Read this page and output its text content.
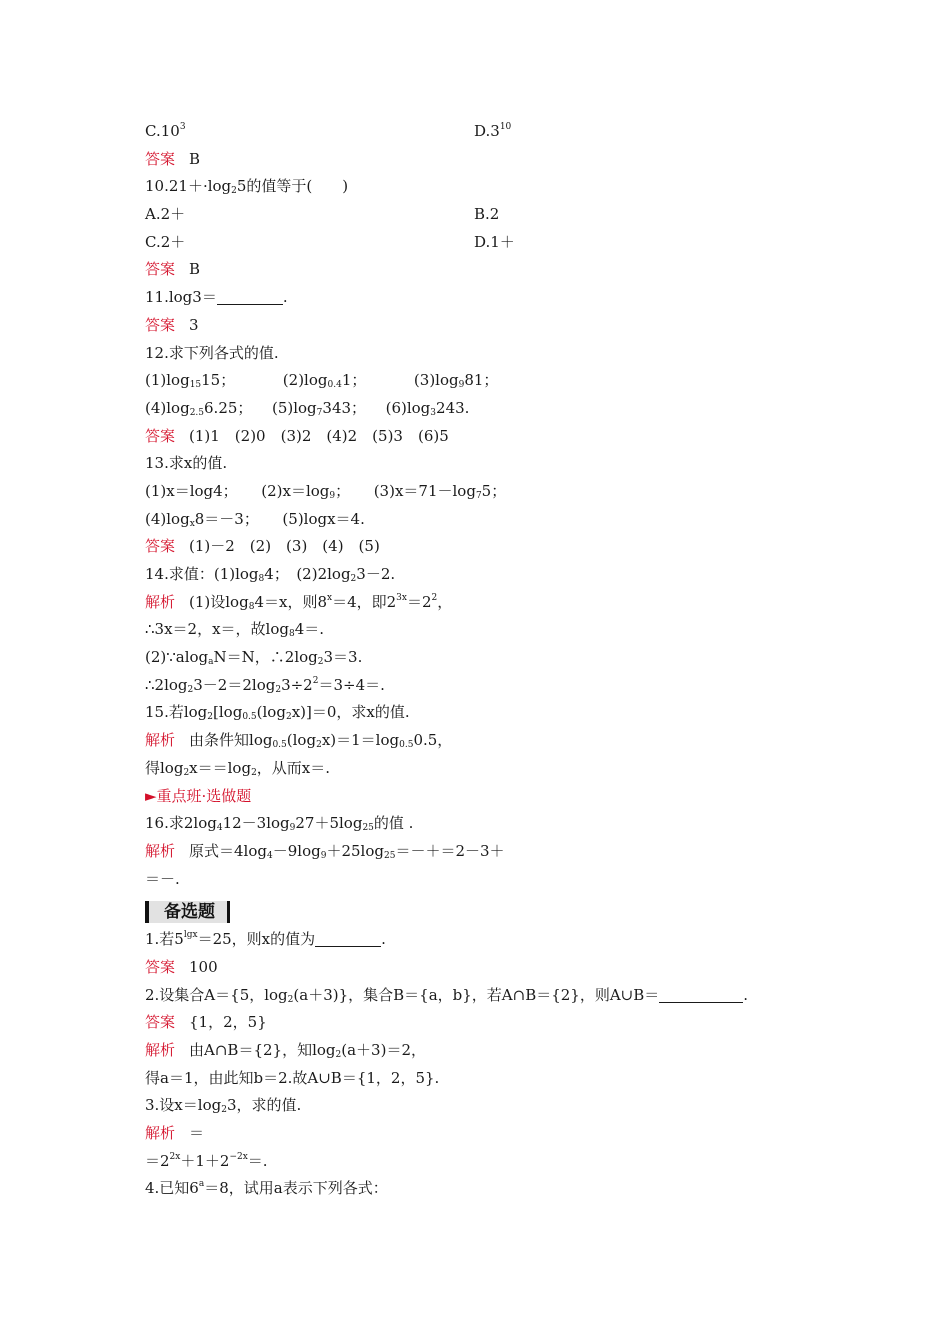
$C.10^3$	$D.3^{10}$
答案 B
$10.21+\cdot\log_25$的值等于(　　)
A.2＋	B.2
C.2＋	D.1＋
答案 B
11.log3＝	.
答案 3
12.求下列各式的值.
$(1)\log_{15}15$；	$(2)\log_{0.4}1$；	$(3)\log_981$；
$(4)\log_{2.5}6.25$； $(5)\log_7343$； $(6)\log_3243$.
答案 (1)1　(2)0　(3)2　(4)2　(5)3　(6)5
13.求x的值.
(1)x＝log4； $(2)x=\log_9$； $(3)x=71-\log_75$；
$(4)\log_x8=-3$； (5)logx＝4.
答案 (1)－2　(2)　(3)　(4)　(5)
14.求值：$(1)\log_84$；　$(2)2\log_23-2$.
解析 (1)设$\log_84=x$，则$8^x=4$，即$2^{3x}=2^2$，
∴3x＝2，x＝，故$\log_84=$.
(2)∵alog$_a$N＝N，$\therefore 2\log_23=3$.
$\therefore 2\log_23-2=2\log_23\div 2^2=3\div 4=$.
15.若$\log_2[\log_{0.5}(\log_2x)]=0$，求x的值.
解析 由条件知$\log_{0.5}(\log_2x)=1=\log_{0.5}0.5$，
得$\log_2x==\log_2$，从而x＝.
►重点班·选做题
16.求$2\log_412-3\log_927+5\log_{25}$的值 .
解析 原式$=4\log_4-9\log_9+25\log_{25}=-+=2-3+$
＝－.
备选题
1.若$5^{lgx}=25$，则x的值为	.
答案 100
2.设集合A＝{5，$\log_2(a+3)$}，集合B＝{a，b}，若A∩B＝{2}，则A∪B＝	.
答案 {1，2，5}
解析 由A∩B＝{2}，知$\log_2(a+3)=2$，
得a＝1，由此知b＝2.故A∪B＝{1，2，5}.
3.设$x=\log_23$，求的值.
解析 ＝
$=2^{2x}+1+2^{-2x}=$.
4.已知$6^a=8$，试用a表示下列各式：
